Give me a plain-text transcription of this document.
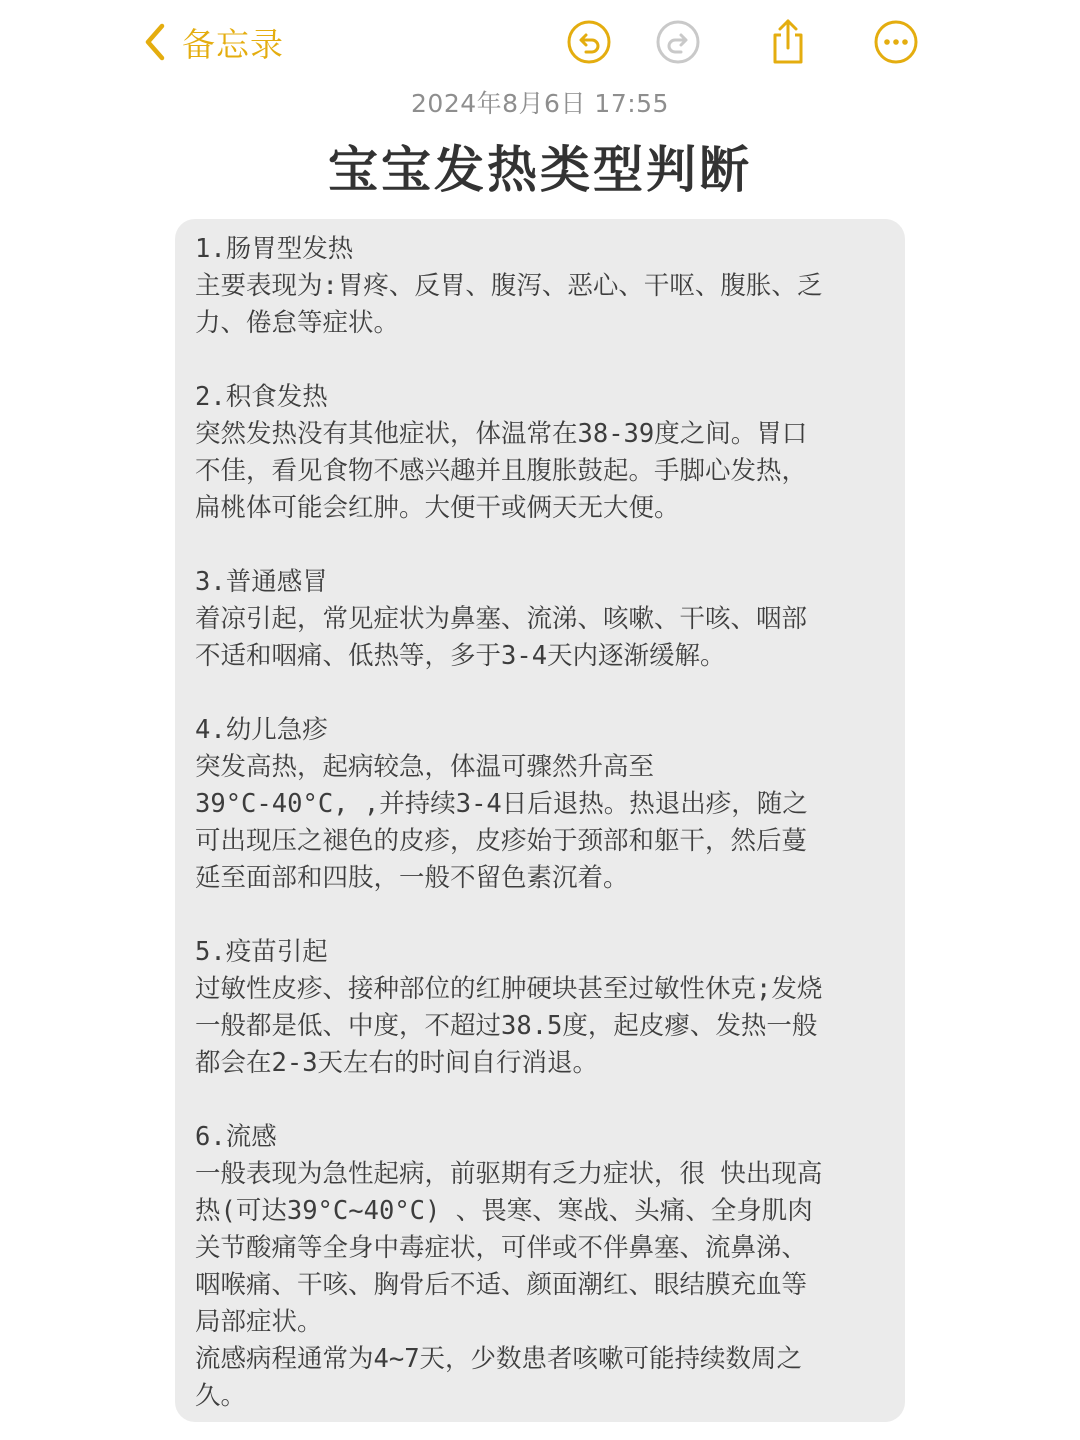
备忘录
2024年8月6日 17:55
宝宝发热类型判断
1.肠胃型发热
主要表现为:胃疼、反胃、腹泻、恶心、干呕、腹胀、乏
力、倦怠等症状。
2.积食发热
突然发热没有其他症状，体温常在38-39度之间。胃口
不佳，看见食物不感兴趣并且腹胀鼓起。手脚心发热，
扁桃体可能会红肿。大便干或俩天无大便。
3.普通感冒
着凉引起，常见症状为鼻塞、流涕、咳嗽、干咳、咽部
不适和咽痛、低热等，多于3-4天内逐渐缓解。
4.幼儿急疹
突发高热，起病较急，体温可骤然升高至
39°C-40°C, ,并持续3-4日后退热。热退出疹，随之
可出现压之褪色的皮疹，皮疹始于颈部和躯干，然后蔓
延至面部和四肢，一般不留色素沉着。
5.疫苗引起
过敏性皮疹、接种部位的红肿硬块甚至过敏性休克;发烧
一般都是低、中度，不超过38.5度，起皮瘳、发热一般
都会在2-3天左右的时间自行消退。
6.流感
一般表现为急性起病，前驱期有乏力症状，很 快出现高
热(可达39°C~40°C) 、畏寒、寒战、头痛、全身肌肉
关节酸痛等全身中毒症状，可伴或不伴鼻塞、流鼻涕、
咽喉痛、干咳、胸骨后不适、颜面潮红、眼结膜充血等
局部症状。
流感病程通常为4~7天，少数患者咳嗽可能持续数周之
久。
